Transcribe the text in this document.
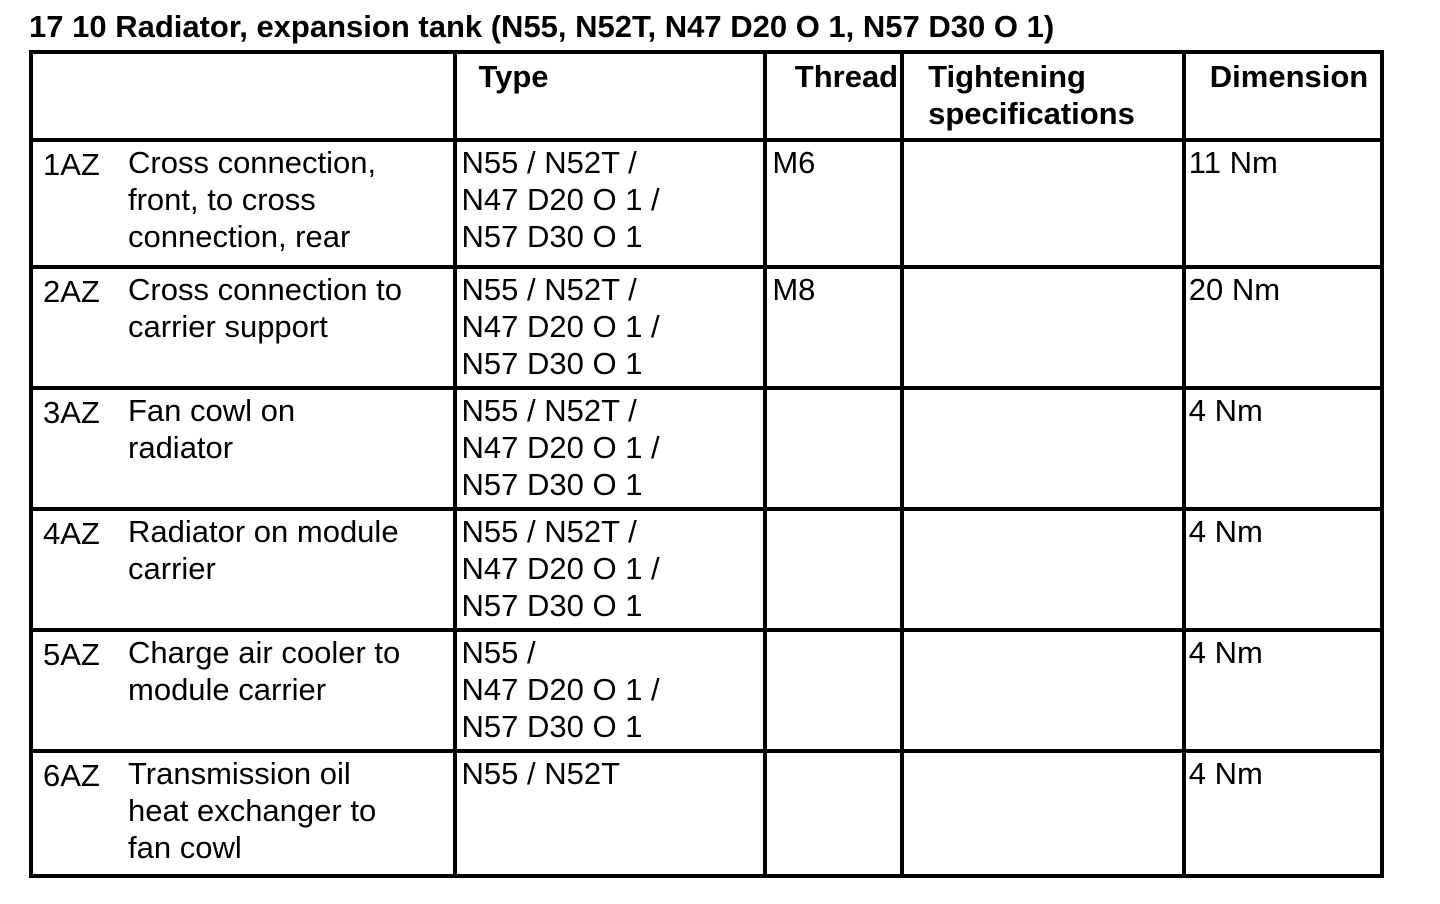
17 10 Radiator, expansion tank (N55, N52T, N47 D20 O 1, N57 D30 O 1)
	Type	Thread	Tightening
specifications	Dimension

1AZ Cross connection,
front, to cross
connection, rear	N55 / N52T /
N47 D20 O 1 /
N57 D30 O 1	M6		11 Nm

2AZ Cross connection to
carrier support	N55 / N52T /
N47 D20 O 1 /
N57 D30 O 1	M8		20 Nm

3AZ Fan cowl on
radiator	N55 / N52T /
N47 D20 O 1 /
N57 D30 O 1			4 Nm

4AZ Radiator on module
carrier	N55 / N52T /
N47 D20 O 1 /
N57 D30 O 1			4 Nm

5AZ Charge air cooler to
module carrier	N55 /
N47 D20 O 1 /
N57 D30 O 1			4 Nm

6AZ Transmission oil
heat exchanger to
fan cowl	N55 / N52T			4 Nm
